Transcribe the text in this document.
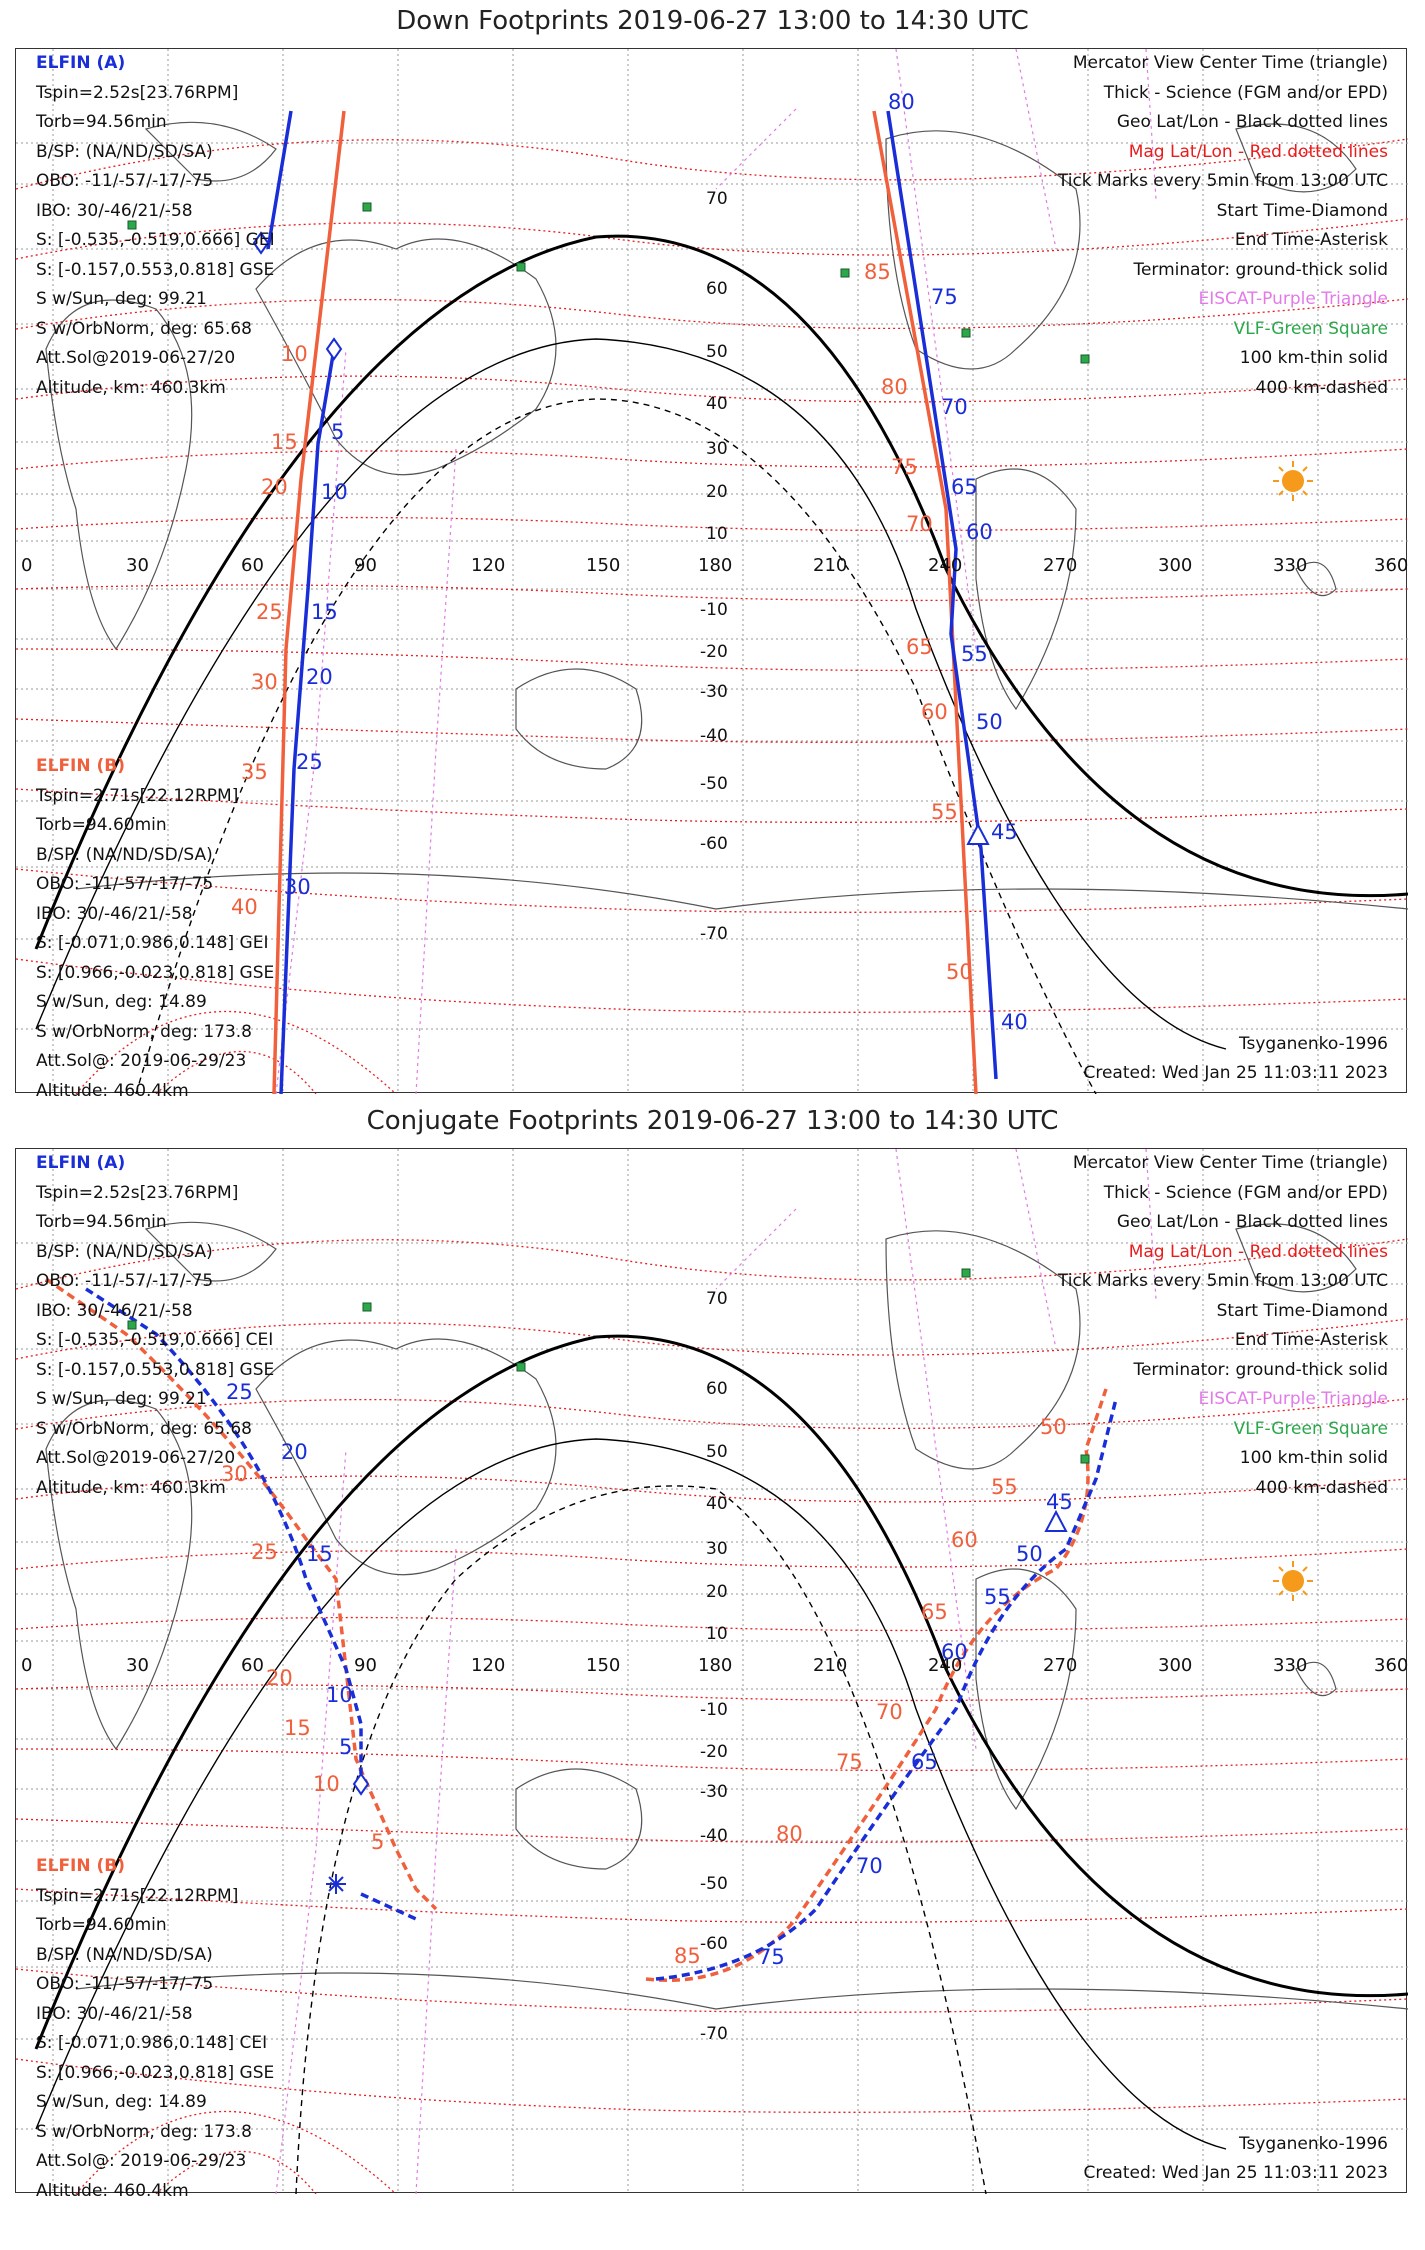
Down Footprints 2019-06-27 13:00 to 14:30 UTC
0	30	60	90	120	150	180	210	240	270	300	330	360
70
60
50
40
30
20
10
-10
-20
-30
-40
-50
-60
-70
80
75
70
65
60
55
50
45
40
5
10
15
20
25
30
85
80
75
70
65
60
55
50
10
15
20
25
30
35
40
ELFIN (A)
Tspin=2.52s[23.76RPM]
Torb=94.56min
B/SP: (NA/ND/SD/SA)
OBO: -11/-57/-17/-75
IBO: 30/-46/21/-58
S: [-0.535,-0.519,0.666] GEI
S: [-0.157,0.553,0.818] GSE
S w/Sun, deg: 99.21
S w/OrbNorm, deg: 65.68
Att.Sol@2019-06-27/20
Altitude, km: 460.3km
ELFIN (B)
Tspin=2.71s[22.12RPM]
Torb=94.60min
B/SP: (NA/ND/SD/SA)
OBO: -11/-57/-17/-75
IBO: 30/-46/21/-58
S: [-0.071,0.986,0.148] GEI
S: [0.966,-0.023,0.818] GSE
S w/Sun, deg: 14.89
S w/OrbNorm, deg: 173.8
Att.Sol@: 2019-06-29/23
Altitude: 460.4km
Mercator View Center Time (triangle)
Thick - Science (FGM and/or EPD)
Geo Lat/Lon - Black dotted lines
Mag Lat/Lon - Red dotted lines
Tick Marks every 5min from 13:00 UTC
Start Time-Diamond
End Time-Asterisk
Terminator: ground-thick solid
EISCAT-Purple Triangle
VLF-Green Square
100 km-thin solid
400 km-dashed
Tsyganenko-1996
Created: Wed Jan 25 11:03:11 2023
Conjugate Footprints 2019-06-27 13:00 to 14:30 UTC
0	30	60	90	120	150	180	210	240	270	300	330	360
70
60
50
40
30
20
10
-10
-20
-30
-40
-50
-60
-70
25
20
15
10
5
45
50
55
60
65
70
75
30
25
20
15
10
5
50
55
60
65
70
75
80
85
ELFIN (A)
Tspin=2.52s[23.76RPM]
Torb=94.56min
B/SP: (NA/ND/SD/SA)
OBO: -11/-57/-17/-75
IBO: 30/-46/21/-58
S: [-0.535,-0.519,0.666] CEI
S: [-0.157,0.553,0.818] GSE
S w/Sun, deg: 99.21
S w/OrbNorm, deg: 65.68
Att.Sol@2019-06-27/20
Altitude, km: 460.3km
ELFIN (B)
Tspin=2.71s[22.12RPM]
Torb=94.60min
B/SP: (NA/ND/SD/SA)
OBO: -11/-57/-17/-75
IBO: 30/-46/21/-58
S: [-0.071,0.986,0.148] CEI
S: [0.966,-0.023,0.818] GSE
S w/Sun, deg: 14.89
S w/OrbNorm, deg: 173.8
Att.Sol@: 2019-06-29/23
Altitude: 460.4km
Mercator View Center Time (triangle)
Thick - Science (FGM and/or EPD)
Geo Lat/Lon - Black dotted lines
Mag Lat/Lon - Red dotted lines
Tick Marks every 5min from 13:00 UTC
Start Time-Diamond
End Time-Asterisk
Terminator: ground-thick solid
EISCAT-Purple Triangle
VLF-Green Square
100 km-thin solid
400 km-dashed
Tsyganenko-1996
Created: Wed Jan 25 11:03:11 2023
